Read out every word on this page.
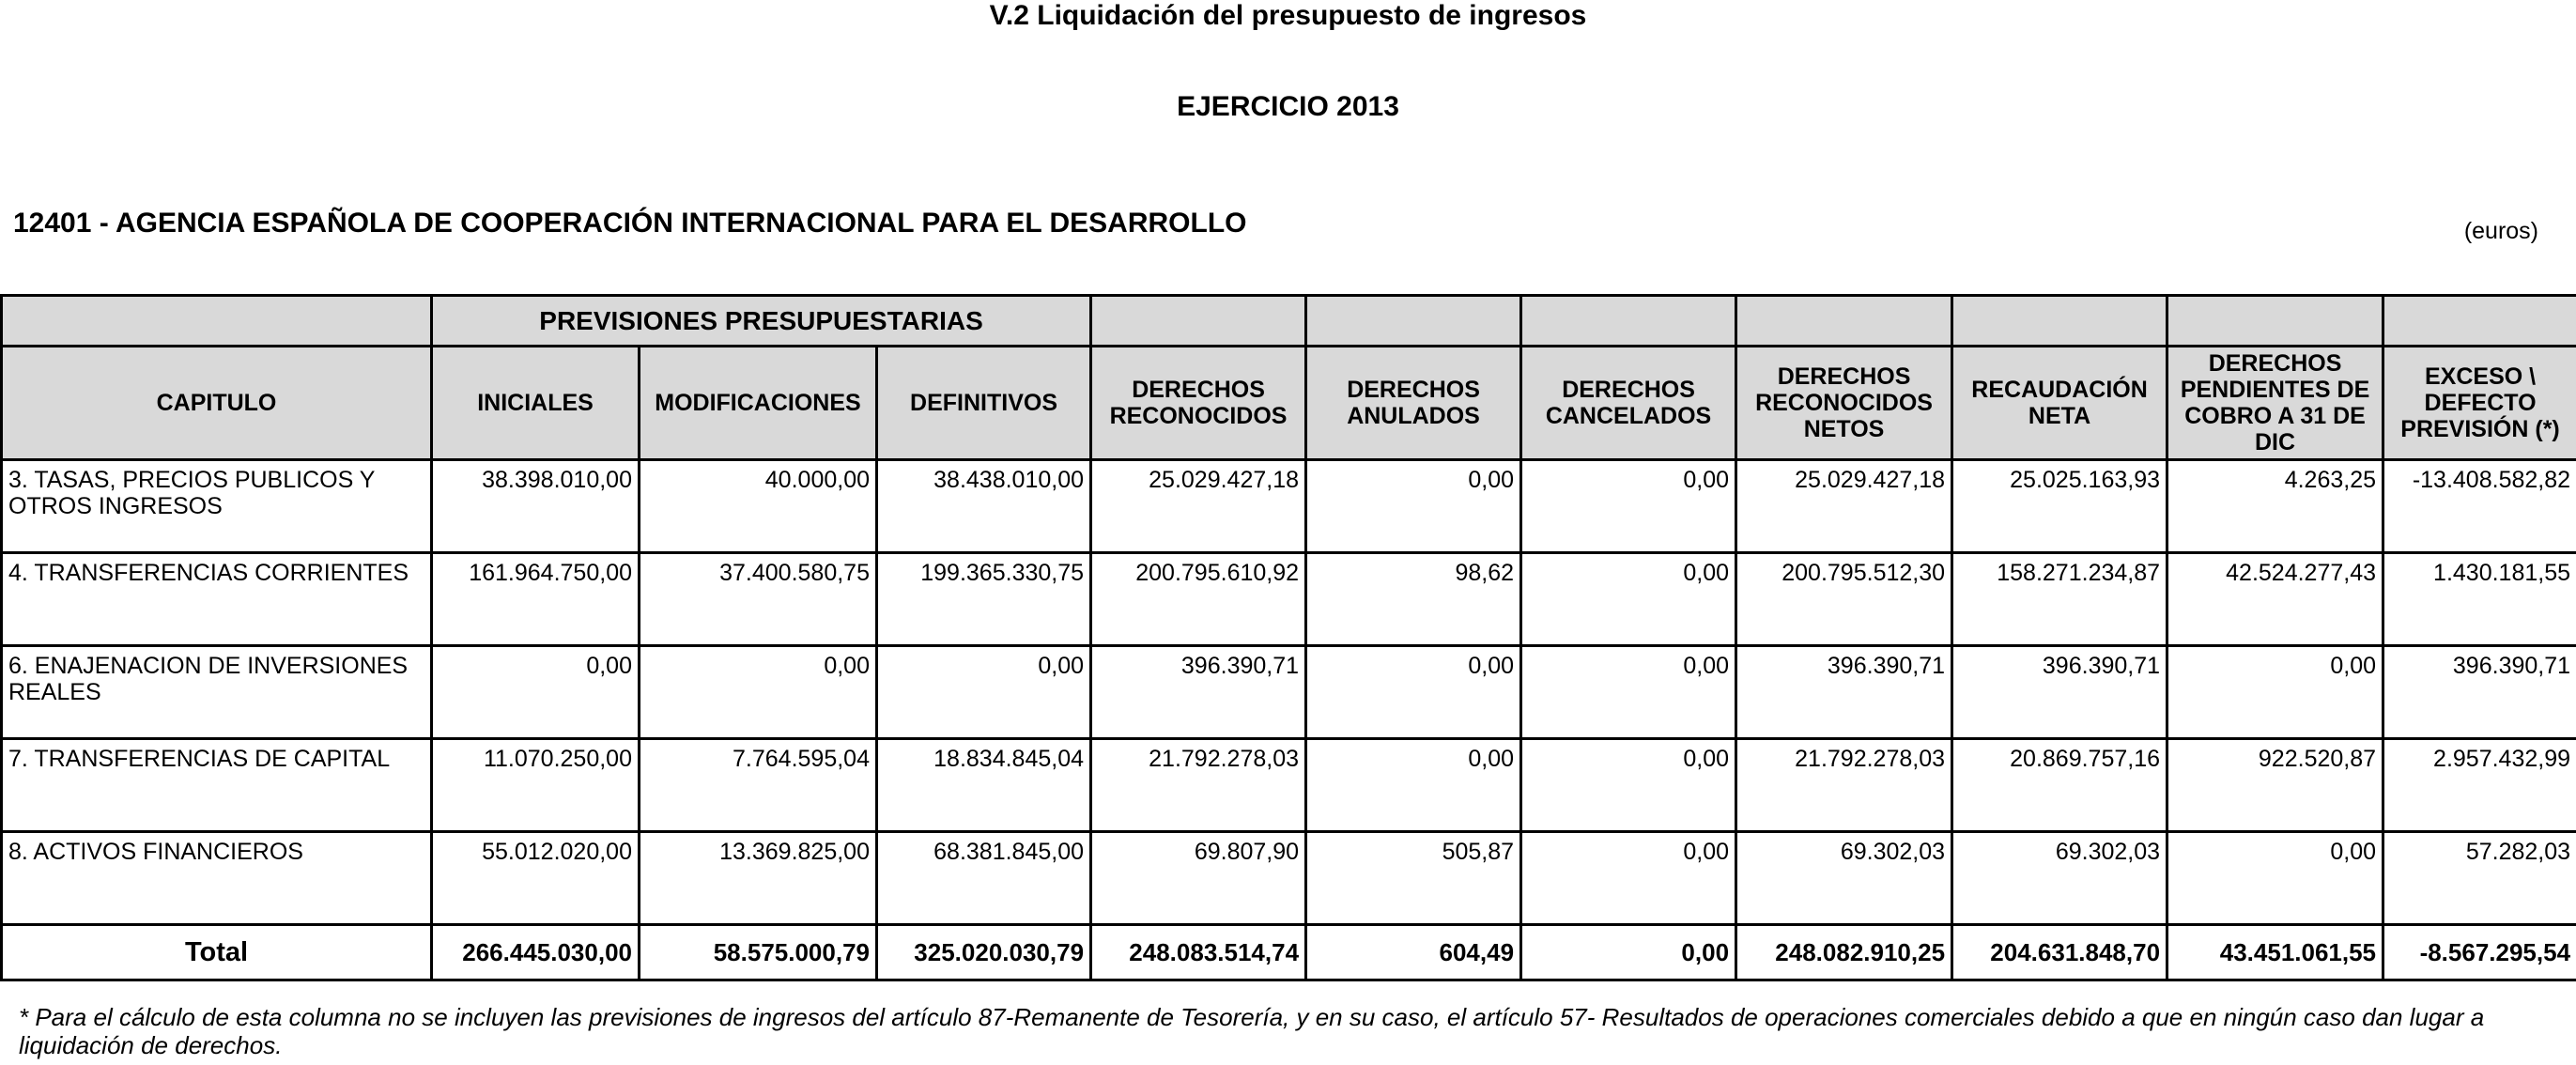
V.2 Liquidación del presupuesto de ingresos
EJERCICIO 2013
12401 - AGENCIA ESPAÑOLA DE COOPERACIÓN INTERNACIONAL PARA EL DESARROLLO	(euros)
	PREVISIONES PRESUPUESTARIAS									
CAPITULO	INICIALES	MODIFICACIONES	DEFINITIVOS	DERECHOS RECONOCIDOS	DERECHOS ANULADOS	DERECHOS CANCELADOS	DERECHOS RECONOCIDOS NETOS	RECAUDACIÓN NETA	DERECHOS PENDIENTES DE COBRO A 31 DE DIC	EXCESO \ DEFECTO PREVISIÓN (*)
3. TASAS, PRECIOS PUBLICOS Y OTROS INGRESOS	38.398.010,00	40.000,00	38.438.010,00	25.029.427,18	0,00	0,00	25.029.427,18	25.025.163,93	4.263,25	-13.408.582,82
4. TRANSFERENCIAS CORRIENTES	161.964.750,00	37.400.580,75	199.365.330,75	200.795.610,92	98,62	0,00	200.795.512,30	158.271.234,87	42.524.277,43	1.430.181,55
6. ENAJENACION DE INVERSIONES REALES	0,00	0,00	0,00	396.390,71	0,00	0,00	396.390,71	396.390,71	0,00	396.390,71
7. TRANSFERENCIAS DE CAPITAL	11.070.250,00	7.764.595,04	18.834.845,04	21.792.278,03	0,00	0,00	21.792.278,03	20.869.757,16	922.520,87	2.957.432,99
8. ACTIVOS FINANCIEROS	55.012.020,00	13.369.825,00	68.381.845,00	69.807,90	505,87	0,00	69.302,03	69.302,03	0,00	57.282,03
Total	266.445.030,00	58.575.000,79	325.020.030,79	248.083.514,74	604,49	0,00	248.082.910,25	204.631.848,70	43.451.061,55	-8.567.295,54
* Para el cálculo de esta columna no se incluyen las previsiones de ingresos del artículo 87-Remanente de Tesorería, y en su caso, el artículo 57- Resultados de operaciones comerciales debido a que en ningún caso dan lugar a liquidación de derechos.
